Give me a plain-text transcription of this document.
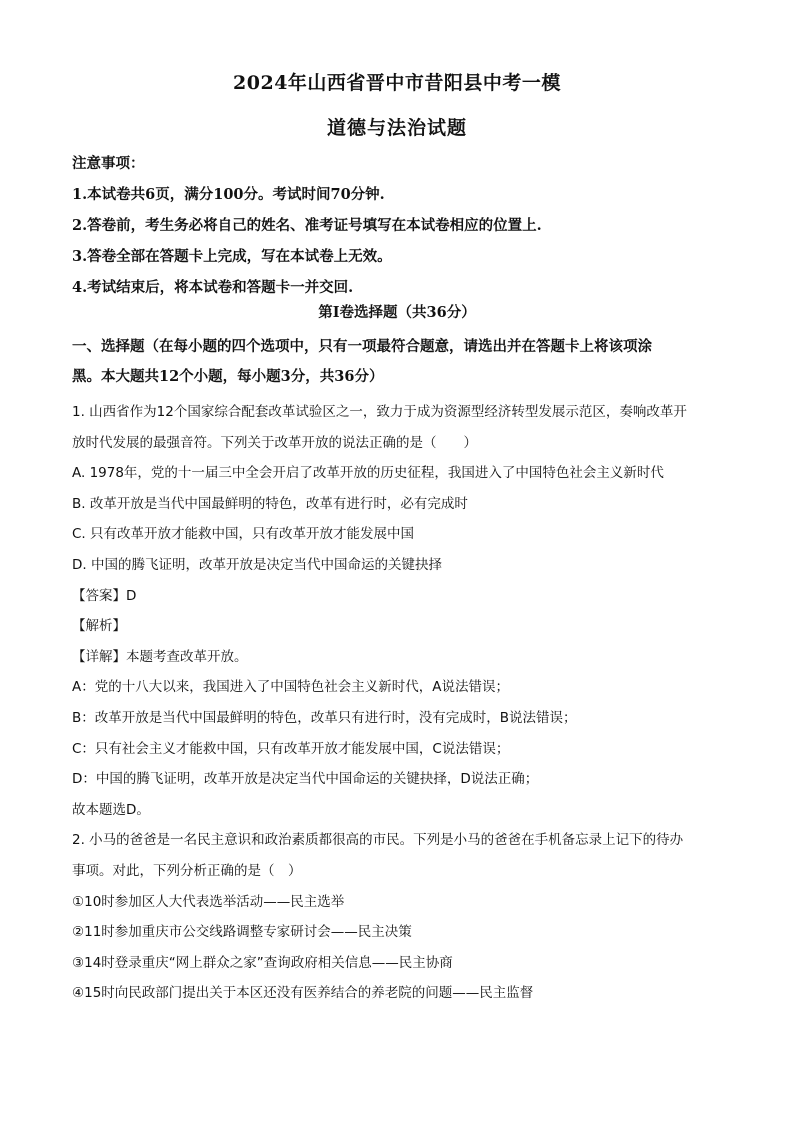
2024年山西省晋中市昔阳县中考一模
道德与法治试题
注意事项：
1.本试卷共6页，满分100分。考试时间70分钟.
2.答卷前，考生务必将自己的姓名、准考证号填写在本试卷相应的位置上.
3.答卷全部在答题卡上完成，写在本试卷上无效。
4.考试结束后，将本试卷和答题卡一并交回.
第Ⅰ卷选择题（共36分）
一、选择题（在每小题的四个选项中，只有一项最符合题意，请选出并在答题卡上将该项涂
黑。本大题共12个小题，每小题3分，共36分）
1. 山西省作为12个国家综合配套改革试验区之一，致力于成为资源型经济转型发展示范区，奏响改革开
放时代发展的最强音符。下列关于改革开放的说法正确的是（　　）
A. 1978年，党的十一届三中全会开启了改革开放的历史征程，我国进入了中国特色社会主义新时代
B. 改革开放是当代中国最鲜明的特色，改革有进行时，必有完成时
C. 只有改革开放才能救中国，只有改革开放才能发展中国
D. 中国的腾飞证明，改革开放是决定当代中国命运的关键抉择
【答案】D
【解析】
【详解】本题考查改革开放。
A：党的十八大以来，我国进入了中国特色社会主义新时代，A说法错误；
B：改革开放是当代中国最鲜明的特色，改革只有进行时，没有完成时，B说法错误；
C：只有社会主义才能救中国，只有改革开放才能发展中国，C说法错误；
D：中国的腾飞证明，改革开放是决定当代中国命运的关键抉择，D说法正确；
故本题选D。
2. 小马的爸爸是一名民主意识和政治素质都很高的市民。下列是小马的爸爸在手机备忘录上记下的待办
事项。对此，下列分析正确的是（　）
①10时参加区人大代表选举活动——民主选举
②11时参加重庆市公交线路调整专家研讨会——民主决策
③14时登录重庆“网上群众之家”查询政府相关信息——民主协商
④15时向民政部门提出关于本区还没有医养结合的养老院的问题——民主监督
